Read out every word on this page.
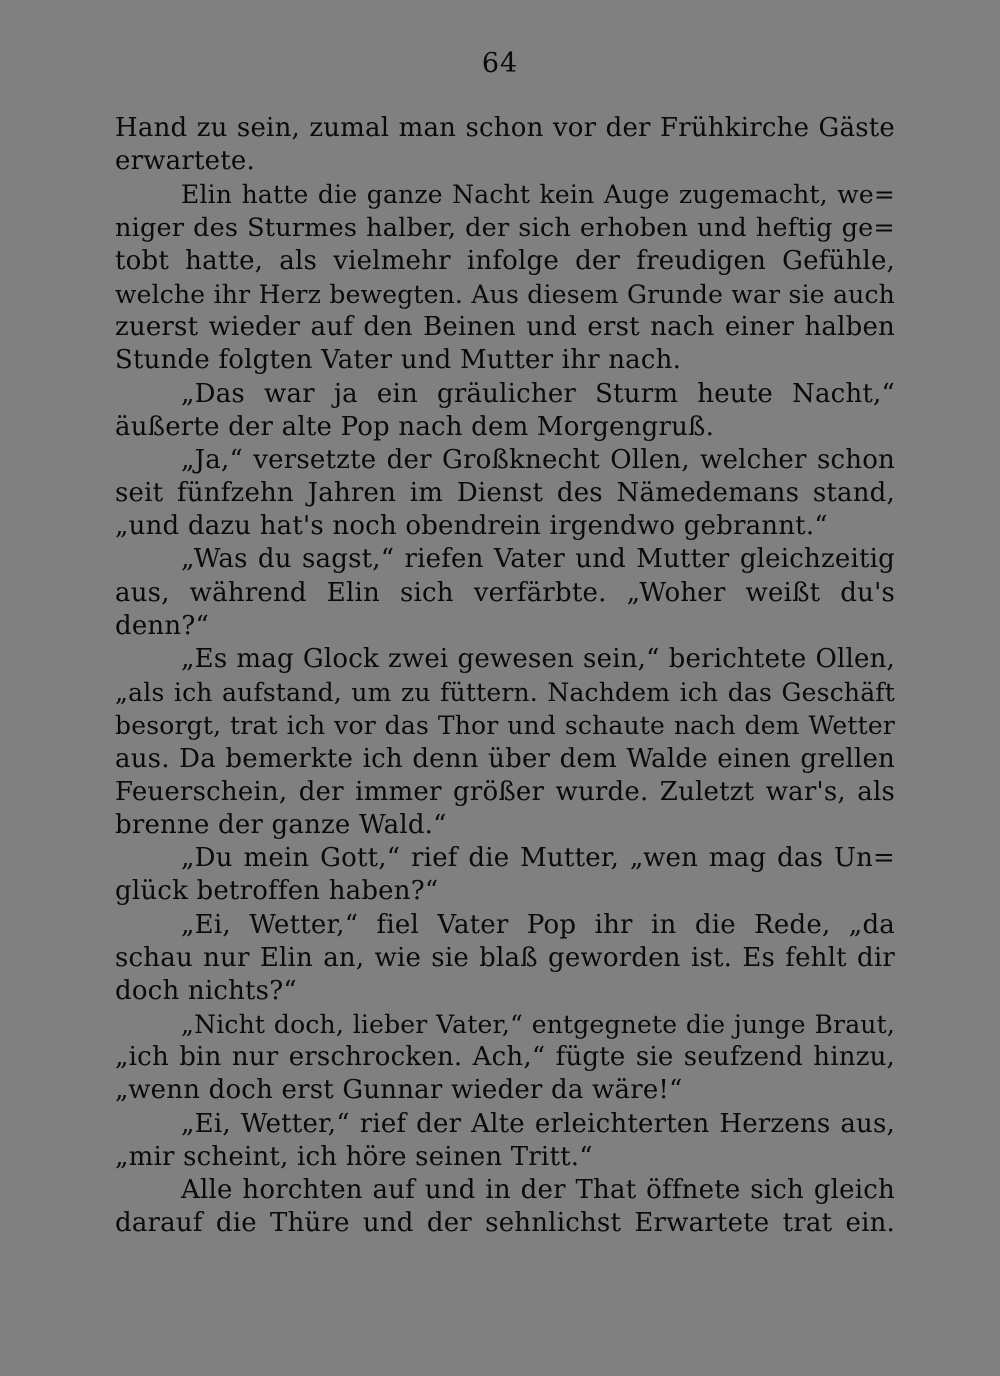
64
Hand zu sein, zumal man schon vor der Frühkirche Gäste
erwartete.
Elin hatte die ganze Nacht kein Auge zugemacht, we=
niger des Sturmes halber, der sich erhoben und heftig ge=
tobt hatte, als vielmehr infolge der freudigen Gefühle,
welche ihr Herz bewegten. Aus diesem Grunde war sie auch
zuerst wieder auf den Beinen und erst nach einer halben
Stunde folgten Vater und Mutter ihr nach.
„Das war ja ein gräulicher Sturm heute Nacht,“
äußerte der alte Pop nach dem Morgengruß.
„Ja,“ versetzte der Großknecht Ollen, welcher schon
seit fünfzehn Jahren im Dienst des Nämedemans stand,
„und dazu hat's noch obendrein irgendwo gebrannt.“
„Was du sagst,“ riefen Vater und Mutter gleichzeitig
aus, während Elin sich verfärbte. „Woher weißt du's
denn?“
„Es mag Glock zwei gewesen sein,“ berichtete Ollen,
„als ich aufstand, um zu füttern. Nachdem ich das Geschäft
besorgt, trat ich vor das Thor und schaute nach dem Wetter
aus. Da bemerkte ich denn über dem Walde einen grellen
Feuerschein, der immer größer wurde. Zuletzt war's, als
brenne der ganze Wald.“
„Du mein Gott,“ rief die Mutter, „wen mag das Un=
glück betroffen haben?“
„Ei, Wetter,“ fiel Vater Pop ihr in die Rede, „da
schau nur Elin an, wie sie blaß geworden ist. Es fehlt dir
doch nichts?“
„Nicht doch, lieber Vater,“ entgegnete die junge Braut,
„ich bin nur erschrocken. Ach,“ fügte sie seufzend hinzu,
„wenn doch erst Gunnar wieder da wäre!“
„Ei, Wetter,“ rief der Alte erleichterten Herzens aus,
„mir scheint, ich höre seinen Tritt.“
Alle horchten auf und in der That öffnete sich gleich
darauf die Thüre und der sehnlichst Erwartete trat ein.
